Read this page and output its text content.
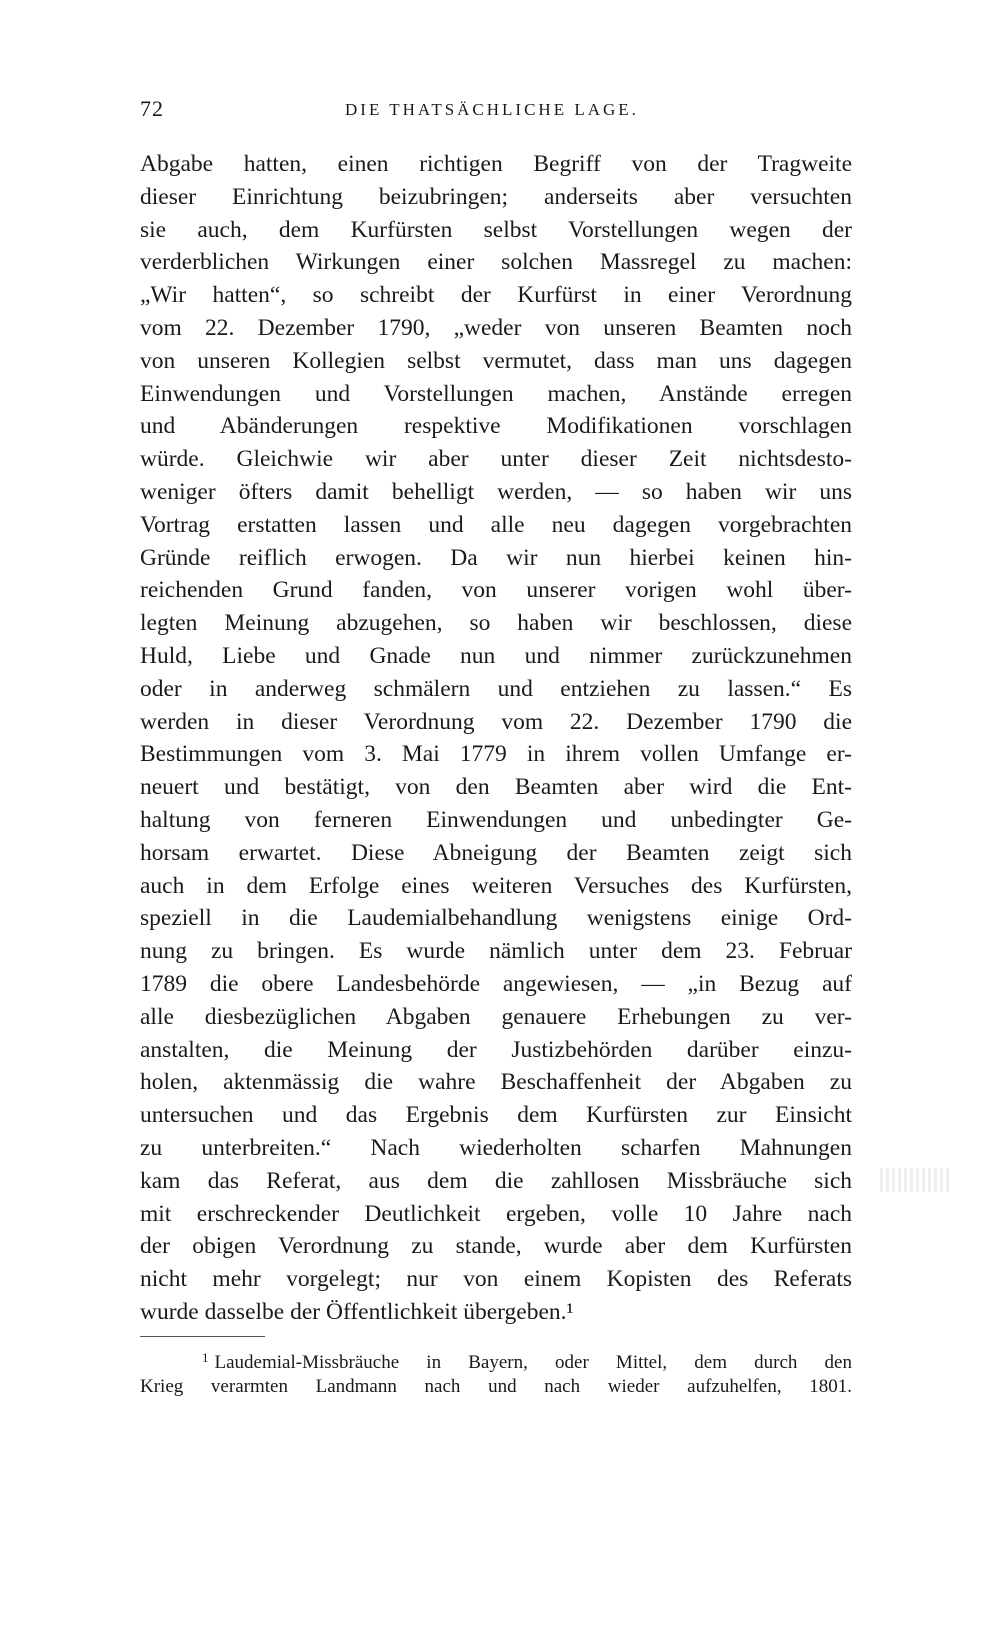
72	DIE THATSÄCHLICHE LAGE.
Abgabe hatten, einen richtigen Begriff von der Tragweite
dieser Einrichtung beizubringen; anderseits aber versuchten
sie auch, dem Kurfürsten selbst Vorstellungen wegen der
verderblichen Wirkungen einer solchen Massregel zu machen:
„Wir hatten“, so schreibt der Kurfürst in einer Verordnung
vom 22. Dezember 1790, „weder von unseren Beamten noch
von unseren Kollegien selbst vermutet, dass man uns dagegen
Einwendungen und Vorstellungen machen, Anstände erregen
und Abänderungen respektive Modifikationen vorschlagen
würde. Gleichwie wir aber unter dieser Zeit nichtsdesto-
weniger öfters damit behelligt werden, — so haben wir uns
Vortrag erstatten lassen und alle neu dagegen vorgebrachten
Gründe reiflich erwogen. Da wir nun hierbei keinen hin-
reichenden Grund fanden, von unserer vorigen wohl über-
legten Meinung abzugehen, so haben wir beschlossen, diese
Huld, Liebe und Gnade nun und nimmer zurückzunehmen
oder in anderweg schmälern und entziehen zu lassen.“ Es
werden in dieser Verordnung vom 22. Dezember 1790 die
Bestimmungen vom 3. Mai 1779 in ihrem vollen Umfange er-
neuert und bestätigt, von den Beamten aber wird die Ent-
haltung von ferneren Einwendungen und unbedingter Ge-
horsam erwartet. Diese Abneigung der Beamten zeigt sich
auch in dem Erfolge eines weiteren Versuches des Kurfürsten,
speziell in die Laudemialbehandlung wenigstens einige Ord-
nung zu bringen. Es wurde nämlich unter dem 23. Februar
1789 die obere Landesbehörde angewiesen, — „in Bezug auf
alle diesbezüglichen Abgaben genauere Erhebungen zu ver-
anstalten, die Meinung der Justizbehörden darüber einzu-
holen, aktenmässig die wahre Beschaffenheit der Abgaben zu
untersuchen und das Ergebnis dem Kurfürsten zur Einsicht
zu unterbreiten.“ Nach wiederholten scharfen Mahnungen
kam das Referat, aus dem die zahllosen Missbräuche sich
mit erschreckender Deutlichkeit ergeben, volle 10 Jahre nach
der obigen Verordnung zu stande, wurde aber dem Kurfürsten
nicht mehr vorgelegt; nur von einem Kopisten des Referats
wurde dasselbe der Öffentlichkeit übergeben.¹
$^1$ Laudemial-Missbräuche in Bayern, oder Mittel, dem durch den
Krieg verarmten Landmann nach und nach wieder aufzuhelfen, 1801.
